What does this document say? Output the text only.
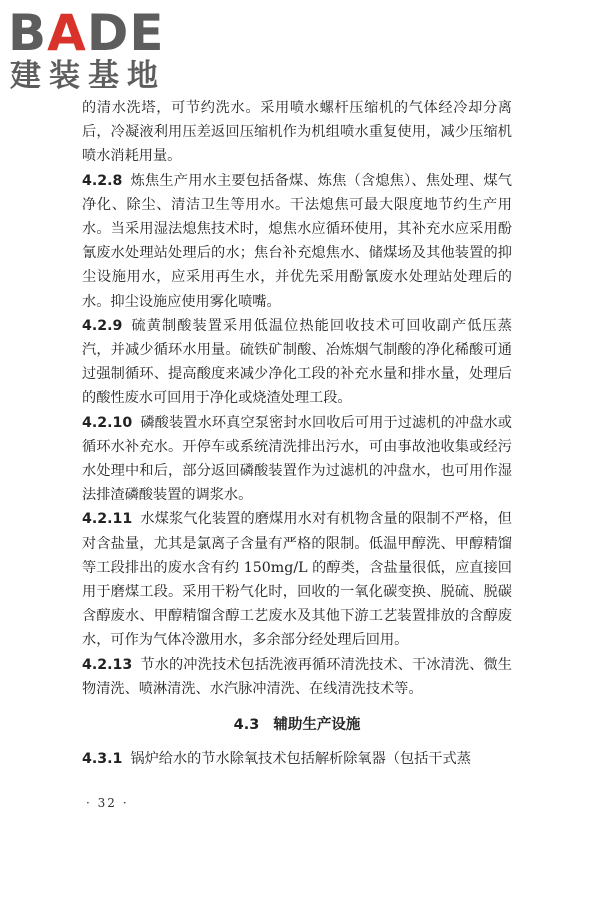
BADE
建装基地

的清水洗塔，可节约洗水。采用喷水螺杆压缩机的气体经冷却分离后，冷凝液利用压差返回压缩机作为机组喷水重复使用，减少压缩机喷水消耗用量。

4.2.8 炼焦生产用水主要包括备煤、炼焦（含熄焦）、焦处理、煤气净化、除尘、清洁卫生等用水。干法熄焦可最大限度地节约生产用水。当采用湿法熄焦技术时，熄焦水应循环使用，其补充水应采用酚氰废水处理站处理后的水；焦台补充熄焦水、储煤场及其他装置的抑尘设施用水，应采用再生水，并优先采用酚氰废水处理站处理后的水。抑尘设施应使用雾化喷嘴。

4.2.9 硫黄制酸装置采用低温位热能回收技术可回收副产低压蒸汽，并减少循环水用量。硫铁矿制酸、冶炼烟气制酸的净化稀酸可通过强制循环、提高酸度来减少净化工段的补充水量和排水量，处理后的酸性废水可回用于净化或烧渣处理工段。

4.2.10 磷酸装置水环真空泵密封水回收后可用于过滤机的冲盘水或循环水补充水。开停车或系统清洗排出污水，可由事故池收集或经污水处理中和后，部分返回磷酸装置作为过滤机的冲盘水，也可用作湿法排渣磷酸装置的调浆水。

4.2.11 水煤浆气化装置的磨煤用水对有机物含量的限制不严格，但对含盐量，尤其是氯离子含量有严格的限制。低温甲醇洗、甲醇精馏等工段排出的废水含有约 150mg/L 的醇类，含盐量很低，应直接回用于磨煤工段。采用干粉气化时，回收的一氧化碳变换、脱硫、脱碳含醇废水、甲醇精馏含醇工艺废水及其他下游工艺装置排放的含醇废水，可作为气体冷激用水，多余部分经处理后回用。

4.2.13 节水的冲洗技术包括洗液再循环清洗技术、干冰清洗、微生物清洗、喷淋清洗、水汽脉冲清洗、在线清洗技术等。

4.3 辅助生产设施

4.3.1 锅炉给水的节水除氧技术包括解析除氧器（包括干式蒸

· 32 ·
